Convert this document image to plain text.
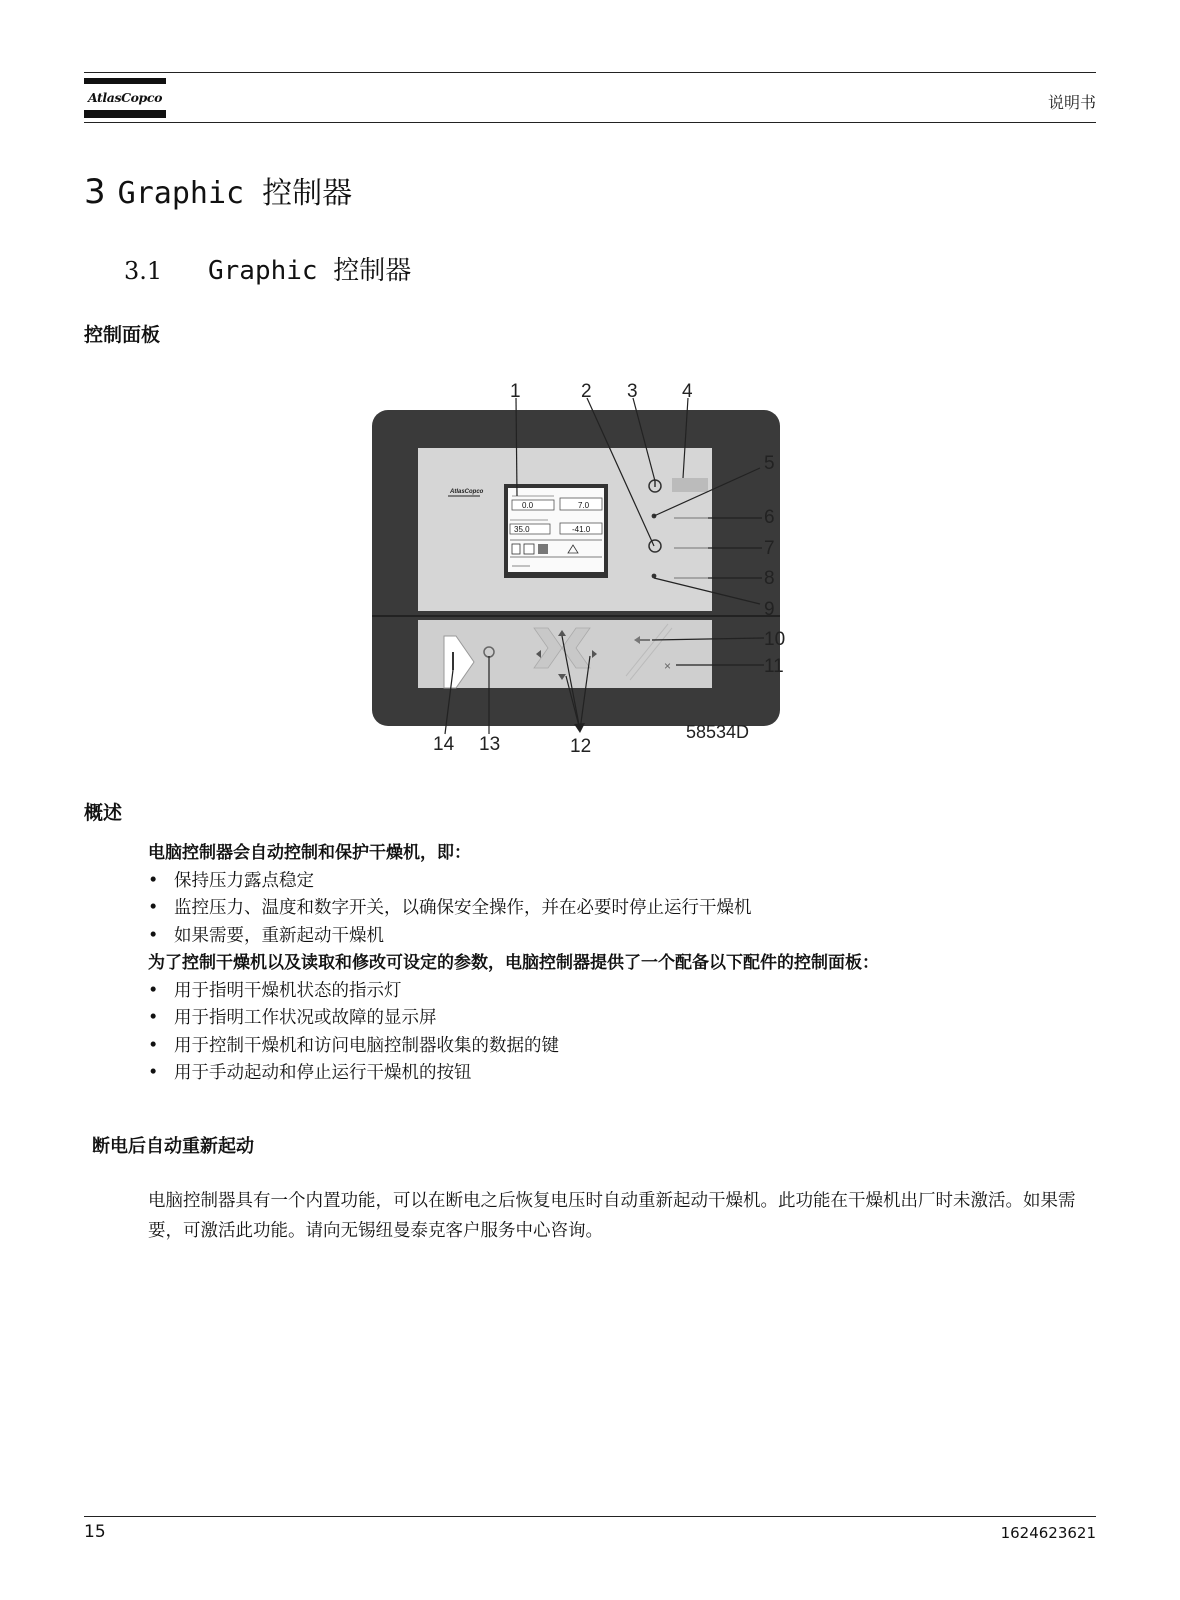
AtlasCopco	说明书
3 Graphic 控制器
3.1 Graphic 控制器
控制面板
AtlasCopco
0.0	7.0
35.0	-41.0
×
1	2 3 4
5
6
7
8
9
10
11
12
13
14
58534D
概述
电脑控制器会自动控制和保护干燥机，即：
• 保持压力露点稳定
• 监控压力、温度和数字开关，以确保安全操作，并在必要时停止运行干燥机
• 如果需要，重新起动干燥机
为了控制干燥机以及读取和修改可设定的参数，电脑控制器提供了一个配备以下配件的控制面板：
• 用于指明干燥机状态的指示灯
• 用于指明工作状况或故障的显示屏
• 用于控制干燥机和访问电脑控制器收集的数据的键
• 用于手动起动和停止运行干燥机的按钮
断电后自动重新起动
电脑控制器具有一个内置功能，可以在断电之后恢复电压时自动重新起动干燥机。此功能在干燥机出厂时未激活。如果需要，可激活此功能。请向无锡纽曼泰克客户服务中心咨询。
15	1624623621
